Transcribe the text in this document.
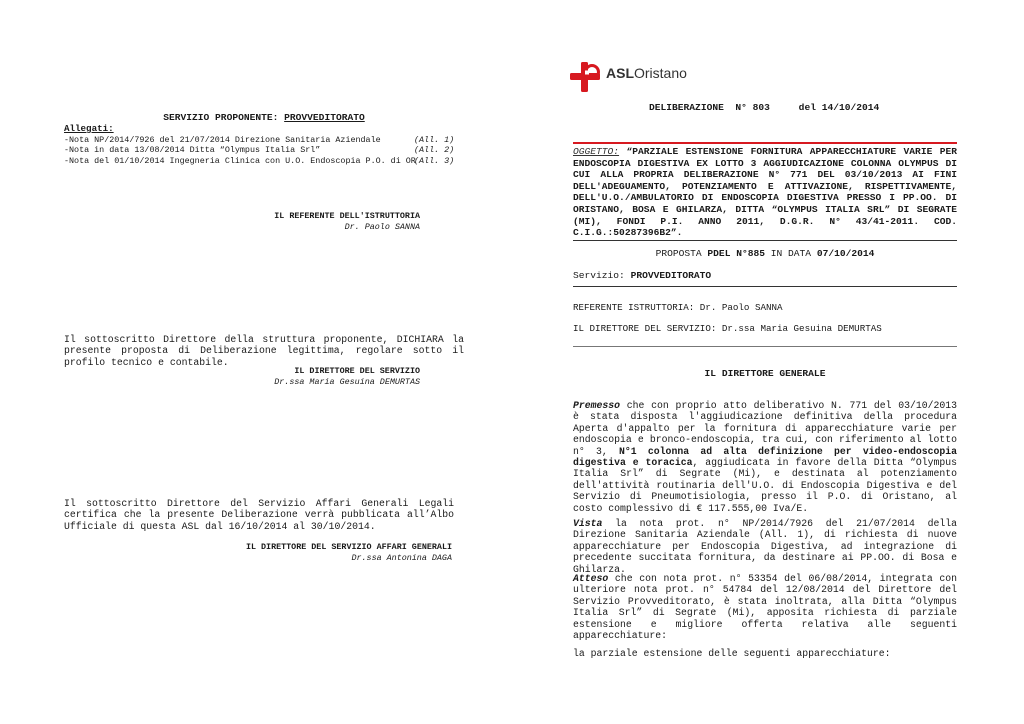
SERVIZIO PROPONENTE: PROVVEDITORATO
Allegati:
-Nota NP/2014/7926 del 21/07/2014 Direzione Sanitaria Aziendale	(All. 1)
-Nota in data 13/08/2014 Ditta “Olympus Italia Srl”	(All. 2)
-Nota del 01/10/2014 Ingegneria Clinica con U.O. Endoscopia P.O. di OR
(All. 3)
IL REFERENTE DELL'ISTRUTTORIA
Dr. Paolo SANNA
Il sottoscritto Direttore della struttura proponente, DICHIARA la presente proposta di Deliberazione legittima, regolare sotto il profilo tecnico e contabile.
IL DIRETTORE DEL SERVIZIO
Dr.ssa Maria Gesuina DEMURTAS
Il sottoscritto Direttore del Servizio Affari Generali Legali certifica che la presente Deliberazione verrà pubblicata all’Albo Ufficiale di questa ASL dal 16/10/2014 al 30/10/2014.
IL DIRETTORE DEL SERVIZIO AFFARI GENERALI
Dr.ssa Antonina DAGA
ASLOristano
DELIBERAZIONE  N° 803     del 14/10/2014
OGGETTO: “PARZIALE ESTENSIONE FORNITURA APPARECCHIATURE VARIE PER ENDOSCOPIA DIGESTIVA EX LOTTO 3 AGGIUDICAZIONE COLONNA OLYMPUS DI CUI ALLA PROPRIA DELIBERAZIONE N° 771 DEL 03/10/2013 AI FINI DELL'ADEGUAMENTO, POTENZIAMENTO E ATTIVAZIONE, RISPETTIVAMENTE, DELL'U.O./AMBULATORIO DI ENDOSCOPIA DIGESTIVA PRESSO I PP.OO. DI ORISTANO, BOSA E GHILARZA, DITTA “OLYMPUS ITALIA SRL” DI SEGRATE (MI), FONDI P.I. ANNO 2011, D.G.R. N° 43/41-2011. COD. C.I.G.:50287396B2”.
PROPOSTA PDEL N°885 IN DATA 07/10/2014
Servizio: PROVVEDITORATO
REFERENTE ISTRUTTORIA: Dr. Paolo SANNA
IL DIRETTORE DEL SERVIZIO: Dr.ssa Maria Gesuina DEMURTAS
IL DIRETTORE GENERALE
Premesso che con proprio atto deliberativo N. 771 del 03/10/2013 è stata disposta l'aggiudicazione definitiva della procedura Aperta d'appalto per la fornitura di apparecchiature varie per endoscopia e bronco-endoscopia, tra cui, con riferimento al lotto n° 3, N°1 colonna ad alta definizione per video-endoscopia digestiva e toracica, aggiudicata in favore della Ditta “Olympus Italia Srl” di Segrate (Mi), e destinata al potenziamento dell'attività routinaria dell'U.O. di Endoscopia Digestiva e del Servizio di Pneumotisiologia, presso il P.O. di Oristano, al costo complessivo di € 117.555,00 Iva/E.
Vista la nota prot. n° NP/2014/7926 del 21/07/2014 della Direzione Sanitaria Aziendale (All. 1), di richiesta di nuove apparecchiature per Endoscopia Digestiva, ad integrazione di precedente succitata fornitura, da destinare ai PP.OO. di Bosa e Ghilarza.
Atteso che con nota prot. n° 53354 del 06/08/2014, integrata con ulteriore nota prot. n° 54784 del 12/08/2014 del Direttore del Servizio Provveditorato, è stata inoltrata, alla Ditta “Olympus Italia Srl” di Segrate (Mi), apposita richiesta di parziale estensione e migliore offerta relativa alle seguenti apparecchiature:
la parziale estensione delle seguenti apparecchiature:
